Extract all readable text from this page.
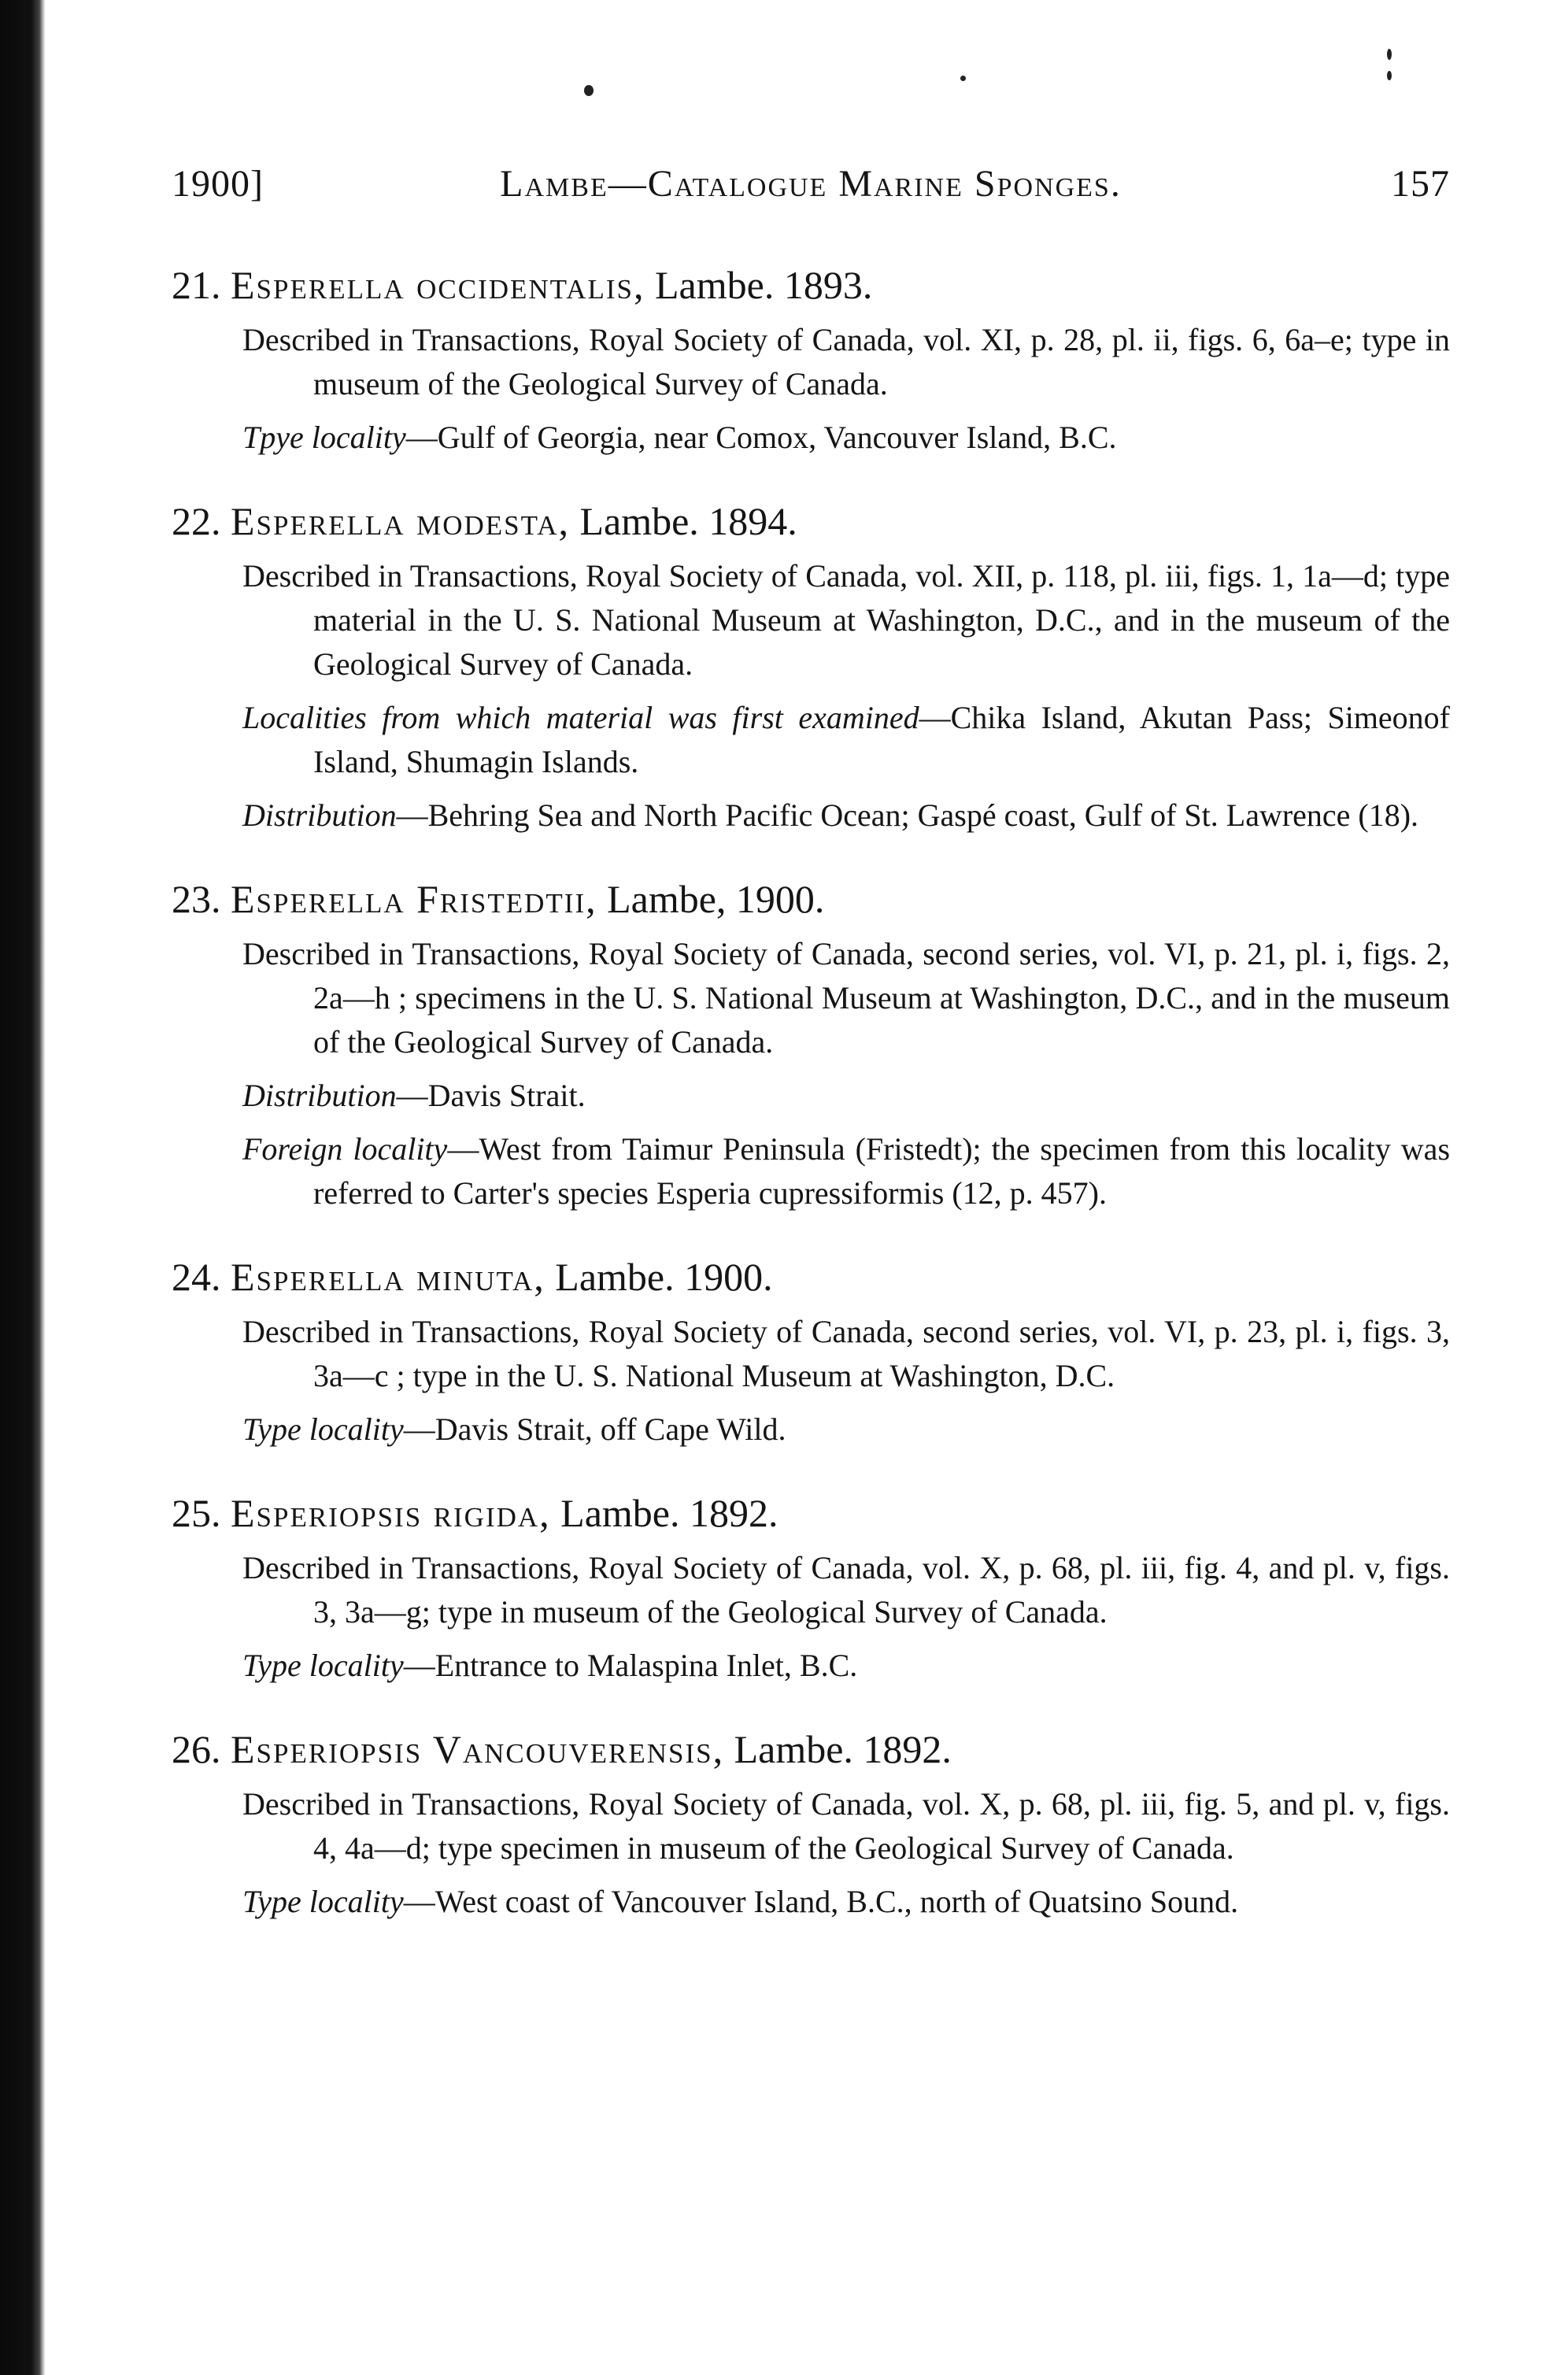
1900]	Lambe—Catalogue Marine Sponges.	157
21. Esperella occidentalis, Lambe. 1893.
Described in Transactions, Royal Society of Canada, vol. XI, p. 28, pl. ii, figs. 6, 6a–e; type in museum of the Geological Survey of Canada.
Tpye locality—Gulf of Georgia, near Comox, Vancouver Island, B.C.
22. Esperella modesta, Lambe. 1894.
Described in Transactions, Royal Society of Canada, vol. XII, p. 118, pl. iii, figs. 1, 1a—d; type material in the U. S. National Museum at Washington, D.C., and in the museum of the Geological Survey of Canada.
Localities from which material was first examined—Chika Island, Akutan Pass; Simeonof Island, Shumagin Islands.
Distribution—Behring Sea and North Pacific Ocean; Gaspé coast, Gulf of St. Lawrence (18).
23. Esperella Fristedtii, Lambe, 1900.
Described in Transactions, Royal Society of Canada, second series, vol. VI, p. 21, pl. i, figs. 2, 2a—h ; specimens in the U. S. National Museum at Washington, D.C., and in the museum of the Geological Survey of Canada.
Distribution—Davis Strait.
Foreign locality—West from Taimur Peninsula (Fristedt); the specimen from this locality was referred to Carter's species Esperia cupressiformis (12, p. 457).
24. Esperella minuta, Lambe. 1900.
Described in Transactions, Royal Society of Canada, second series, vol. VI, p. 23, pl. i, figs. 3, 3a—c ; type in the U. S. National Museum at Washington, D.C.
Type locality—Davis Strait, off Cape Wild.
25. Esperiopsis rigida, Lambe. 1892.
Described in Transactions, Royal Society of Canada, vol. X, p. 68, pl. iii, fig. 4, and pl. v, figs. 3, 3a—g; type in museum of the Geological Survey of Canada.
Type locality—Entrance to Malaspina Inlet, B.C.
26. Esperiopsis Vancouverensis, Lambe. 1892.
Described in Transactions, Royal Society of Canada, vol. X, p. 68, pl. iii, fig. 5, and pl. v, figs. 4, 4a—d; type specimen in museum of the Geological Survey of Canada.
Type locality—West coast of Vancouver Island, B.C., north of Quatsino Sound.
